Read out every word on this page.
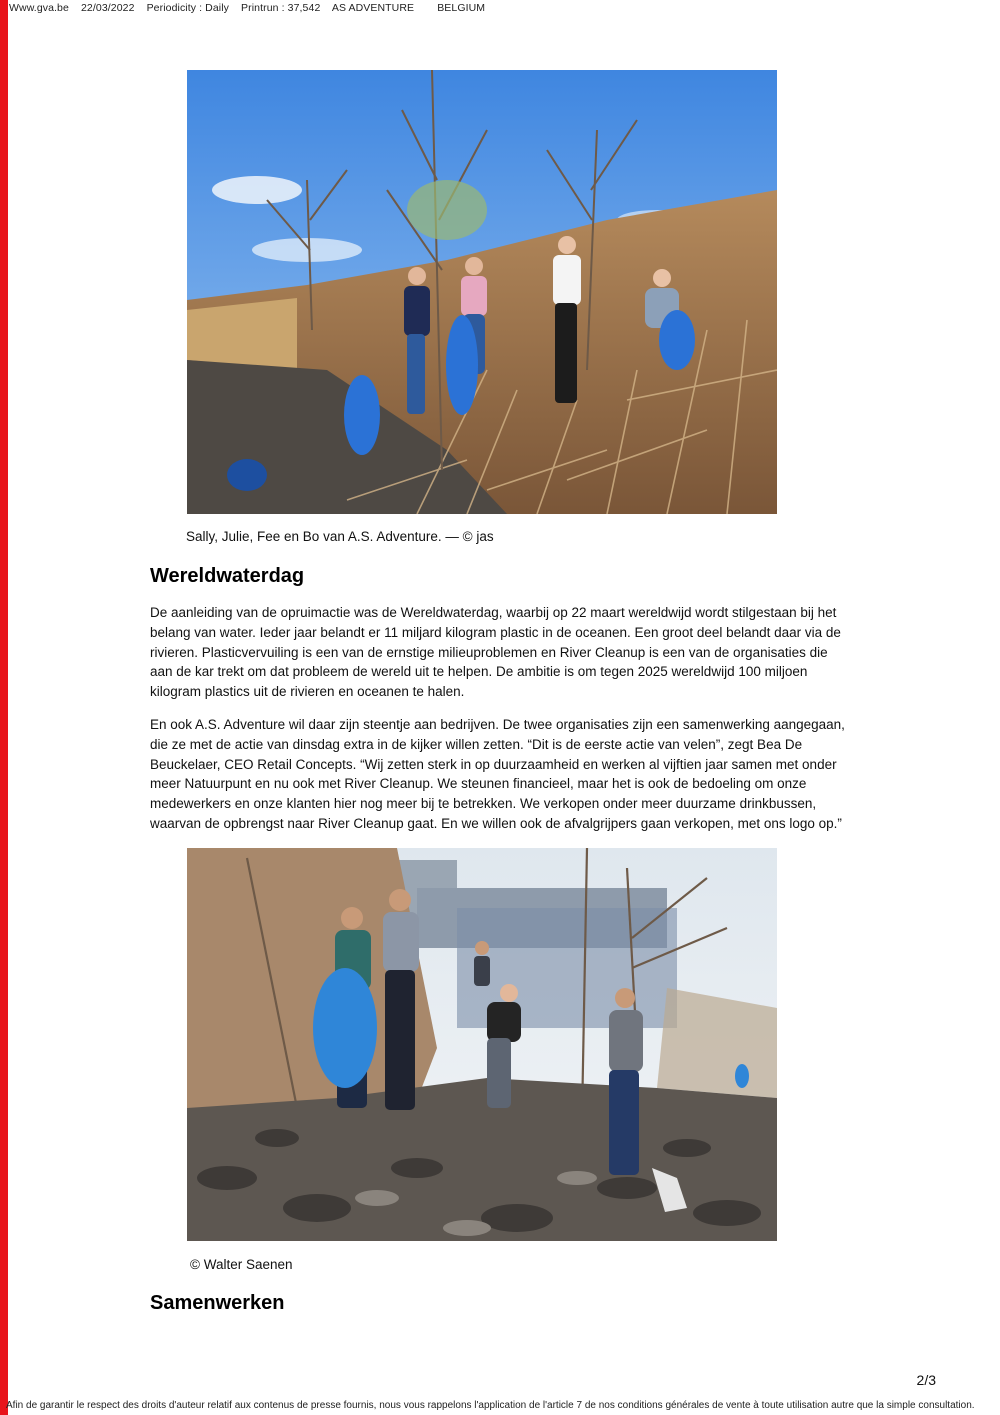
Www.gva.be 22/03/2022 Periodicity : Daily Printrun : 37,542 AS ADVENTURE BELGIUM
Sally, Julie, Fee en Bo van A.S. Adventure. — © jas
Wereldwaterdag

De aanleiding van de opruimactie was de Wereldwaterdag, waarbij op 22 maart wereldwijd wordt stilgestaan bij het belang van water. Ieder jaar belandt er 11 miljard kilogram plastic in de oceanen. Een groot deel belandt daar via de rivieren. Plasticvervuiling is een van de ernstige milieuproblemen en River Cleanup is een van de organisaties die aan de kar trekt om dat probleem de wereld uit te helpen. De ambitie is om tegen 2025 wereldwijd 100 miljoen kilogram plastics uit de rivieren en oceanen te halen.

En ook A.S. Adventure wil daar zijn steentje aan bedrijven. De twee organisaties zijn een samenwerking aangegaan, die ze met de actie van dinsdag extra in de kijker willen zetten. “Dit is de eerste actie van velen”, zegt Bea De Beuckelaer, CEO Retail Concepts. “Wij zetten sterk in op duurzaamheid en werken al vijftien jaar samen met onder meer Natuurpunt en nu ook met River Cleanup. We steunen financieel, maar het is ook de bedoeling om onze medewerkers en onze klanten hier nog meer bij te betrekken. We verkopen onder meer duurzame drinkbussen, waarvan de opbrengst naar River Cleanup gaat. En we willen ook de afvalgrijpers gaan verkopen, met ons logo op.”

© Walter Saenen
Samenwerken
2/3
Afin de garantir le respect des droits d'auteur relatif aux contenus de presse fournis, nous vous rappelons l'application de l'article 7 de nos conditions générales de vente à toute utilisation autre que la simple consultation.
